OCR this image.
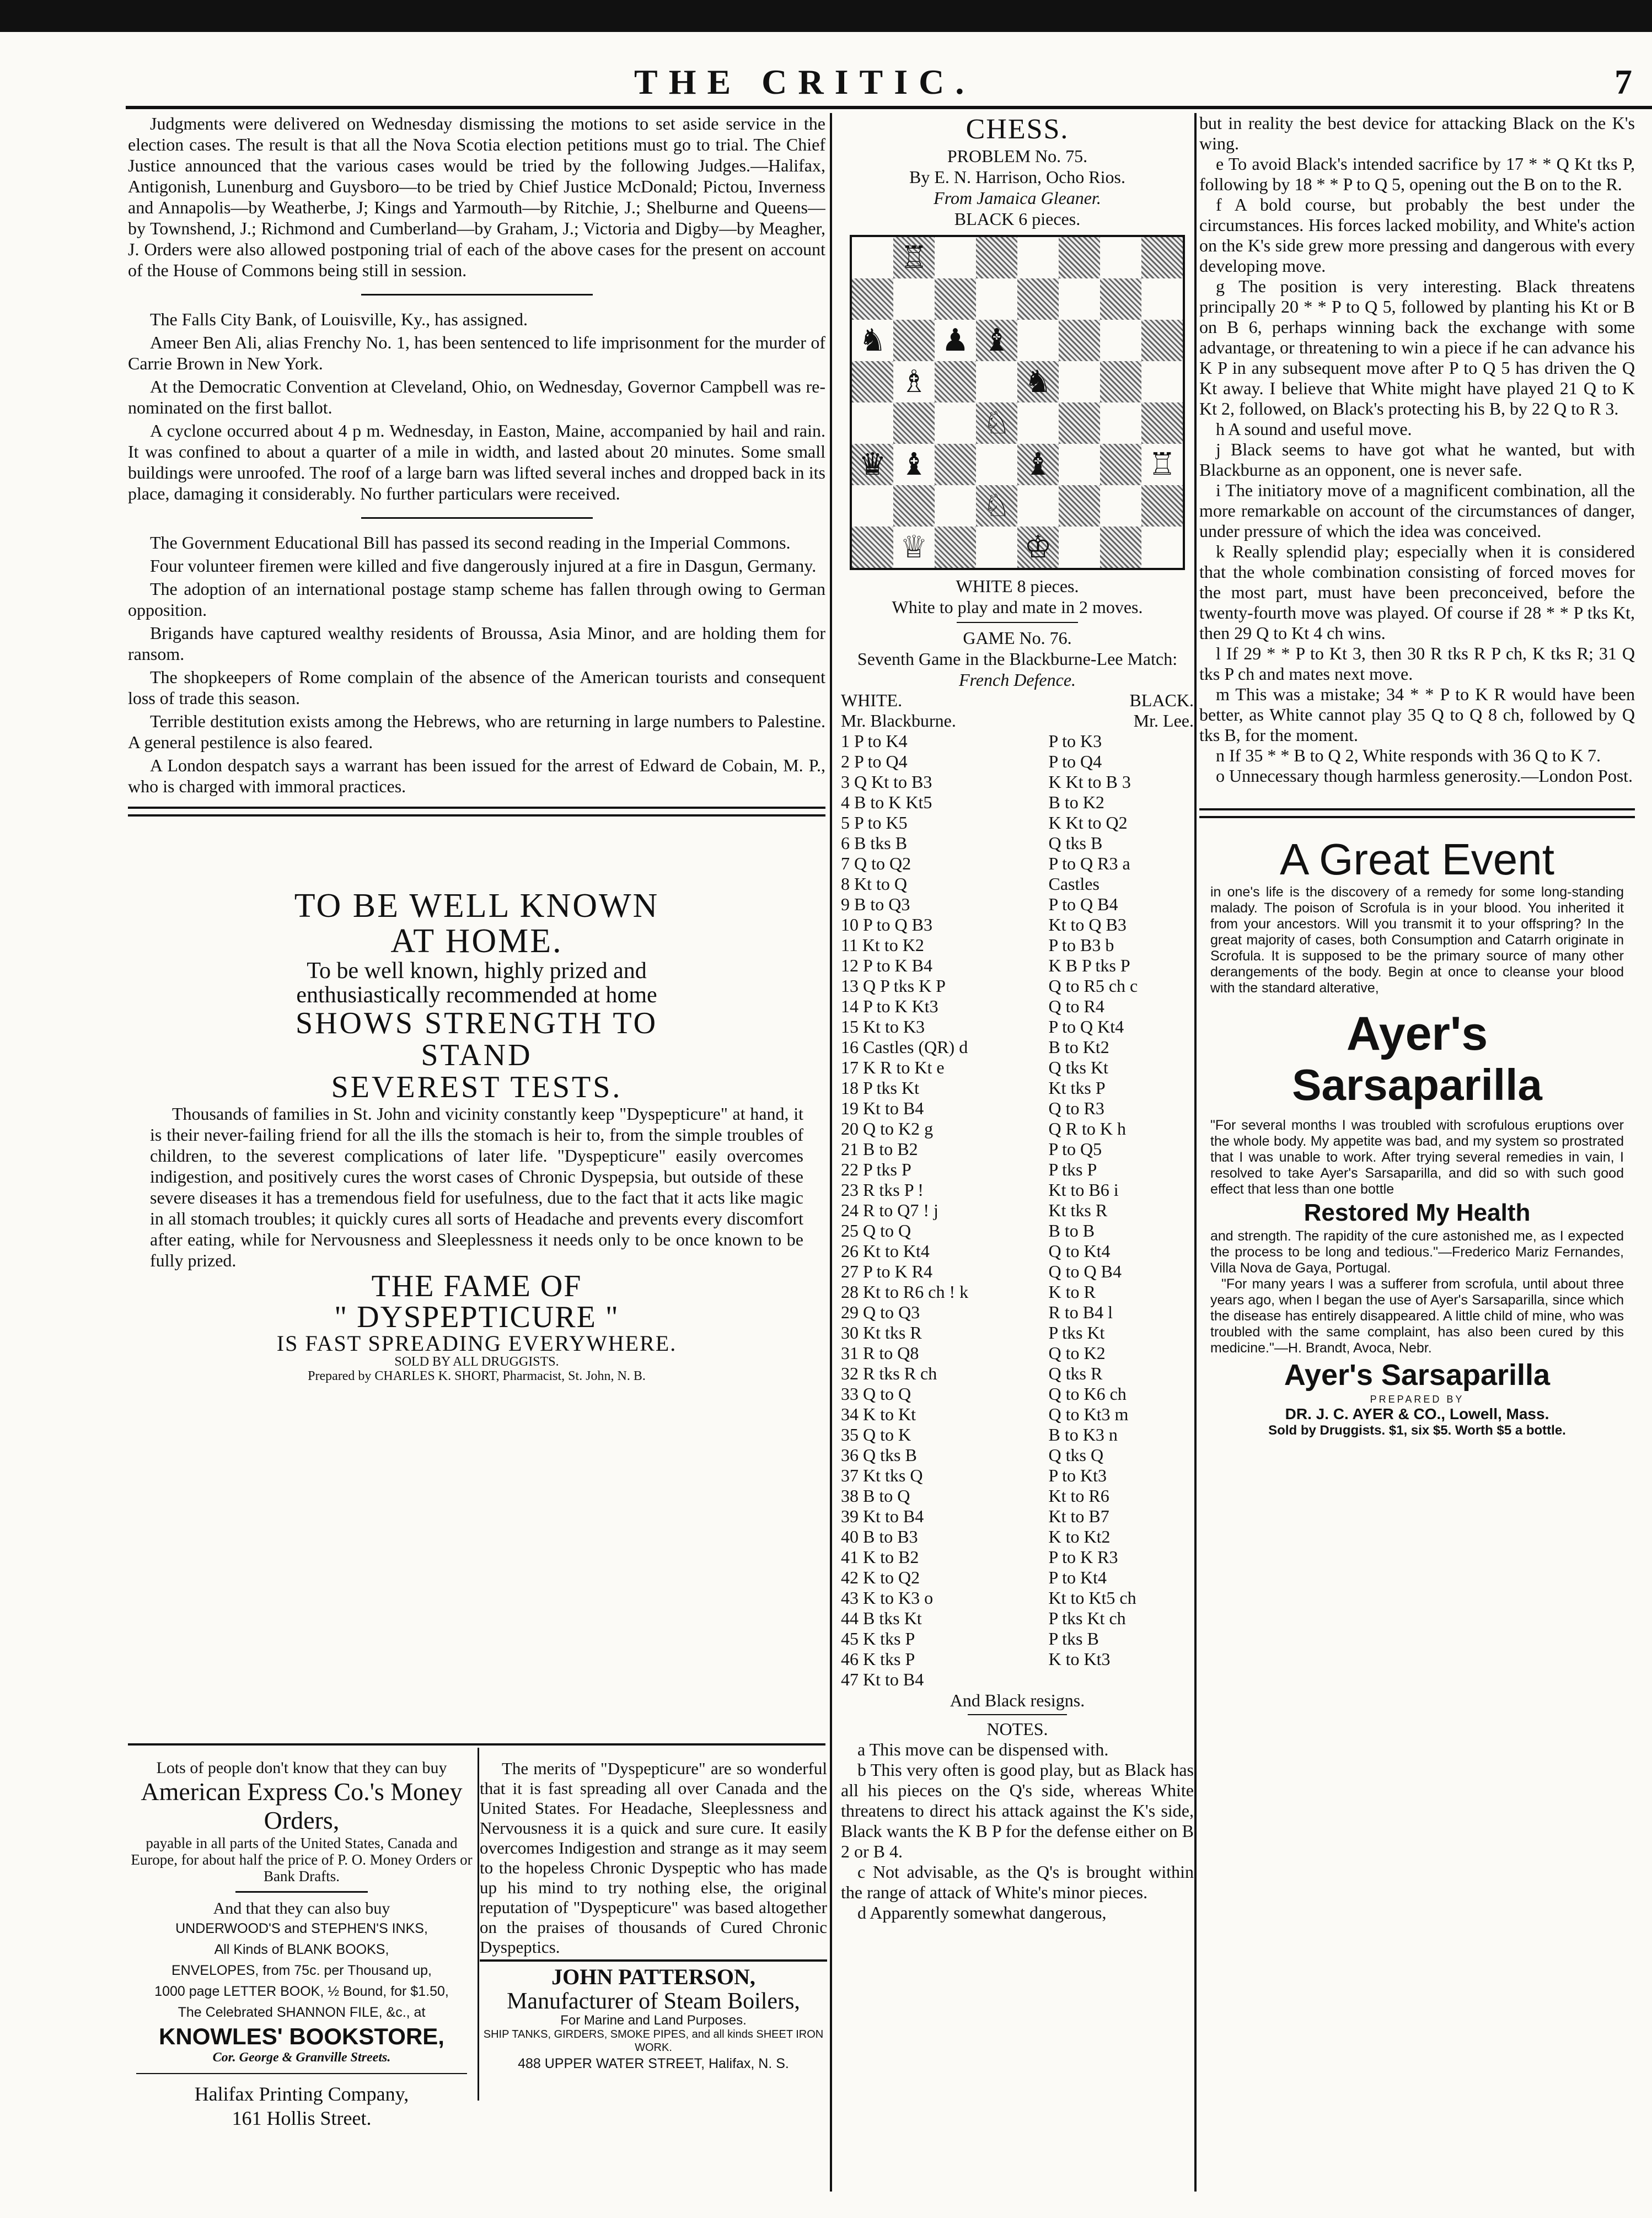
THE CRITIC.	7

Judgments were delivered on Wednesday dismissing the motions to set aside service in the election cases. The result is that all the Nova Scotia election petitions must go to trial. The Chief Justice announced that the various cases would be tried by the following Judges.—Halifax, Antigonish, Lunenburg and Guysboro—to be tried by Chief Justice McDonald; Pictou, Inverness and Annapolis—by Weatherbe, J; Kings and Yarmouth—by Ritchie, J.; Shelburne and Queens—by Townshend, J.; Richmond and Cumberland—by Graham, J.; Victoria and Digby—by Meagher, J. Orders were also allowed postponing trial of each of the above cases for the present on account of the House of Commons being still in session.

The Falls City Bank, of Louisville, Ky., has assigned.

Ameer Ben Ali, alias Frenchy No. 1, has been sentenced to life imprisonment for the murder of Carrie Brown in New York.

At the Democratic Convention at Cleveland, Ohio, on Wednesday, Governor Campbell was re-nominated on the first ballot.

A cyclone occurred about 4 p m. Wednesday, in Easton, Maine, accompanied by hail and rain. It was confined to about a quarter of a mile in width, and lasted about 20 minutes. Some small buildings were unroofed. The roof of a large barn was lifted several inches and dropped back in its place, damaging it considerably. No further particulars were received.

The Government Educational Bill has passed its second reading in the Imperial Commons.

Four volunteer firemen were killed and five dangerously injured at a fire in Dasgun, Germany.

The adoption of an international postage stamp scheme has fallen through owing to German opposition.

Brigands have captured wealthy residents of Broussa, Asia Minor, and are holding them for ransom.

The shopkeepers of Rome complain of the absence of the American tourists and consequent loss of trade this season.

Terrible destitution exists among the Hebrews, who are returning in large numbers to Palestine. A general pestilence is also feared.

A London despatch says a warrant has been issued for the arrest of Edward de Cobain, M. P., who is charged with immoral practices.

TO BE WELL KNOWN
AT HOME.
To be well known, highly prized and
enthusiastically recommended at home
SHOWS STRENGTH TO
STAND
SEVEREST TESTS.
Thousands of families in St. John and vicinity constantly keep "Dyspepticure" at hand, it is their never-failing friend for all the ills the stomach is heir to, from the simple troubles of children, to the severest complications of later life. "Dyspepticure" easily overcomes indigestion, and positively cures the worst cases of Chronic Dyspepsia, but outside of these severe diseases it has a tremendous field for usefulness, due to the fact that it acts like magic in all stomach troubles; it quickly cures all sorts of Headache and prevents every discomfort after eating, while for Nervousness and Sleeplessness it needs only to be once known to be fully prized.
THE FAME OF
" DYSPEPTICURE "
IS FAST SPREADING EVERYWHERE.
SOLD BY ALL DRUGGISTS.
Prepared by CHARLES K. SHORT, Pharmacist, St. John, N. B.
Lots of people don't know that they can buy
American Express Co.'s Money Orders,
payable in all parts of the United States, Canada and Europe, for about half the price of P. O. Money Orders or Bank Drafts.
And that they can also buy
UNDERWOOD'S and STEPHEN'S INKS,
All Kinds of BLANK BOOKS,
ENVELOPES, from 75c. per Thousand up,
1000 page LETTER BOOK, ½ Bound, for $1.50,
The Celebrated SHANNON FILE, &c., at
KNOWLES' BOOKSTORE,
Cor. George & Granville Streets.
Halifax Printing Company,
161 Hollis Street.

The merits of "Dyspepticure" are so wonderful that it is fast spreading all over Canada and the United States. For Headache, Sleeplessness and Nervousness it is a quick and sure cure. It easily overcomes Indigestion and strange as it may seem to the hopeless Chronic Dyspeptic who has made up his mind to try nothing else, the original reputation of "Dyspepticure" was based altogether on the praises of thousands of Cured Chronic Dyspeptics.

JOHN PATTERSON,
Manufacturer of Steam Boilers,
For Marine and Land Purposes.
SHIP TANKS, GIRDERS, SMOKE PIPES, and all kinds SHEET IRON WORK.
488 UPPER WATER STREET, Halifax, N. S.
CHESS.
PROBLEM No. 75.
By E. N. Harrison, Ocho Rios.
From Jamaica Gleaner.
BLACK 6 pieces.
♖
♞	♝
♗	♞
♘
♛ ♝	♝	♖
♘
♕	♔
♟
WHITE 8 pieces.
White to play and mate in 2 moves.
GAME No. 76.
Seventh Game in the Blackburne-Lee Match:
French Defence.
WHITE.	BLACK.
Mr. Blackburne.	Mr. Lee.
1 P to K4	P to K3
2 P to Q4	P to Q4
3 Q Kt to B3	K Kt to B 3
4 B to K Kt5	B to K2
5 P to K5	K Kt to Q2
6 B tks B	Q tks B
7 Q to Q2	P to Q R3 a
8 Kt to Q	Castles
9 B to Q3	P to Q B4
10 P to Q B3	Kt to Q B3
11 Kt to K2	P to B3 b
12 P to K B4	K B P tks P
13 Q P tks K P	Q to R5 ch c
14 P to K Kt3	Q to R4
15 Kt to K3	P to Q Kt4
16 Castles (QR) d	B to Kt2
17 K R to Kt e	Q tks Kt
18 P tks Kt	Kt tks P
19 Kt to B4	Q to R3
20 Q to K2 g	Q R to K h
21 B to B2	P to Q5
22 P tks P	P tks P
23 R tks P !	Kt to B6 i
24 R to Q7 ! j	Kt tks R
25 Q to Q	B to B
26 Kt to Kt4	Q to Kt4
27 P to K R4	Q to Q B4
28 Kt to R6 ch ! k	K to R
29 Q to Q3	R to B4 l
30 Kt tks R	P tks Kt
31 R to Q8	Q to K2
32 R tks R ch	Q tks R
33 Q to Q	Q to K6 ch
34 K to Kt	Q to Kt3 m
35 Q to K	B to K3 n
36 Q tks B	Q tks Q
37 Kt tks Q	P to Kt3
38 B to Q	Kt to R6
39 Kt to B4	Kt to B7
40 B to B3	K to Kt2
41 K to B2	P to K R3
42 K to Q2	P to Kt4
43 K to K3 o	Kt to Kt5 ch
44 B tks Kt	P tks Kt ch
45 K tks P	P tks B
46 K tks P	K to Kt3
47 Kt to B4	
And Black resigns.
NOTES.

a This move can be dispensed with.

b This very often is good play, but as Black has all his pieces on the Q's side, whereas White threatens to direct his attack against the K's side, Black wants the K B P for the defense either on B 2 or B 4.

c Not advisable, as the Q's is brought within the range of attack of White's minor pieces.

d Apparently somewhat dangerous,

but in reality the best device for attacking Black on the K's wing.

e To avoid Black's intended sacrifice by 17 * * Q Kt tks P, following by 18 * * P to Q 5, opening out the B on to the R.

f A bold course, but probably the best under the circumstances. His forces lacked mobility, and White's action on the K's side grew more pressing and dangerous with every developing move.

g The position is very interesting. Black threatens principally 20 * * P to Q 5, followed by planting his Kt or B on B 6, perhaps winning back the exchange with some advantage, or threatening to win a piece if he can advance his K P in any subsequent move after P to Q 5 has driven the Q Kt away. I believe that White might have played 21 Q to K Kt 2, followed, on Black's protecting his B, by 22 Q to R 3.

h A sound and useful move.

j Black seems to have got what he wanted, but with Blackburne as an opponent, one is never safe.

i The initiatory move of a magnificent combination, all the more remarkable on account of the circumstances of danger, under pressure of which the idea was conceived.

k Really splendid play; especially when it is considered that the whole combination consisting of forced moves for the most part, must have been preconceived, before the twenty-fourth move was played. Of course if 28 * * P tks Kt, then 29 Q to Kt 4 ch wins.

l If 29 * * P to Kt 3, then 30 R tks R P ch, K tks R; 31 Q tks P ch and mates next move.

m This was a mistake; 34 * * P to K R would have been better, as White cannot play 35 Q to Q 8 ch, followed by Q tks B, for the moment.

n If 35 * * B to Q 2, White responds with 36 Q to K 7.

o Unnecessary though harmless generosity.—London Post.

A Great Event
in one's life is the discovery of a remedy for some long-standing malady. The poison of Scrofula is in your blood. You inherited it from your ancestors. Will you transmit it to your offspring? In the great majority of cases, both Consumption and Catarrh originate in Scrofula. It is supposed to be the primary source of many other derangements of the body. Begin at once to cleanse your blood with the standard alterative,
Ayer's
Sarsaparilla
"For several months I was troubled with scrofulous eruptions over the whole body. My appetite was bad, and my system so prostrated that I was unable to work. After trying several remedies in vain, I resolved to take Ayer's Sarsaparilla, and did so with such good effect that less than one bottle
Restored My Health
and strength. The rapidity of the cure astonished me, as I expected the process to be long and tedious."—Frederico Mariz Fernandes, Villa Nova de Gaya, Portugal.
"For many years I was a sufferer from scrofula, until about three years ago, when I began the use of Ayer's Sarsaparilla, since which the disease has entirely disappeared. A little child of mine, who was troubled with the same complaint, has also been cured by this medicine."—H. Brandt, Avoca, Nebr.
Ayer's Sarsaparilla
PREPARED BY
DR. J. C. AYER & CO., Lowell, Mass.
Sold by Druggists. $1, six $5. Worth $5 a bottle.
